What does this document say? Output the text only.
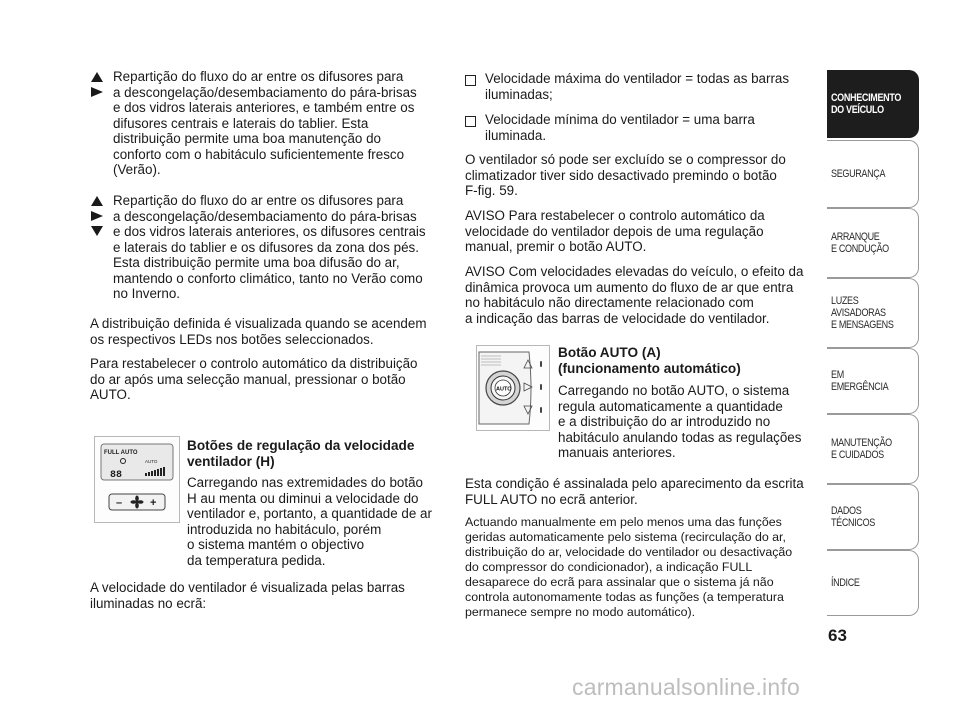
Repartição do fluxo do ar entre os difusores para

a descongelação/desembaciamento do pára-brisas

e dos vidros laterais anteriores, e também entre os

difusores centrais e laterais do tablier. Esta

distribuição permite uma boa manutenção do

conforto com o habitáculo suficientemente fresco

(Verão).

Repartição do fluxo do ar entre os difusores para

a descongelação/desembaciamento do pára-brisas

e dos vidros laterais anteriores, os difusores centrais

e laterais do tablier e os difusores da zona dos pés.

Esta distribuição permite uma boa difusão do ar,

mantendo o conforto climático, tanto no Verão como

no Inverno.

A distribuição definida é visualizada quando se acendem

os respectivos LEDs nos botões seleccionados.

Para restabelecer o controlo automático da distribuição

do ar após uma selecção manual, pressionar o botão

AUTO.

FULL AUTO
AUTO
88
–	+

Botões de regulação da velocidade

ventilador (H)

Carregando nas extremidades do botão

H au menta ou diminui a velocidade do

ventilador e, portanto, a quantidade de ar

introduzida no habitáculo, porém

o sistema mantém o objectivo

da temperatura pedida.

A velocidade do ventilador é visualizada pelas barras

iluminadas no ecrã:

Velocidade máxima do ventilador = todas as barras

iluminadas;

Velocidade mínima do ventilador = uma barra

iluminada.

O ventilador só pode ser excluído se o compressor do

climatizador tiver sido desactivado premindo o botão

F-fig. 59.

AVISO Para restabelecer o controlo automático da

velocidade do ventilador depois de uma regulação

manual, premir o botão AUTO.

AVISO Com velocidades elevadas do veículo, o efeito da

dinâmica provoca um aumento do fluxo de ar que entra

no habitáculo não directamente relacionado com

a indicação das barras de velocidade do ventilador.

AUTO

Botão AUTO (A)

(funcionamento automático)

Carregando no botão AUTO, o sistema

regula automaticamente a quantidade

e a distribuição do ar introduzido no

habitáculo anulando todas as regulações

manuais anteriores.

Esta condição é assinalada pelo aparecimento da escrita

FULL AUTO no ecrã anterior.

Actuando manualmente em pelo menos uma das funções

geridas automaticamente pelo sistema (recirculação do ar,

distribuição do ar, velocidade do ventilador ou desactivação

do compressor do condicionador), a indicação FULL

desaparece do ecrã para assinalar que o sistema já não

controla autonomamente todas as funções (a temperatura

permanece sempre no modo automático).

CONHECIMENTO
DO VEÍCULO
SEGURANÇA
ARRANQUE
E CONDUÇÃO
LUZES
AVISADORAS
E MENSAGENS
EM EMERGÊNCIA
MANUTENÇÃO
E CUIDADOS
DADOS
TÉCNICOS
ÍNDICE
63
carmanualsonline.info
